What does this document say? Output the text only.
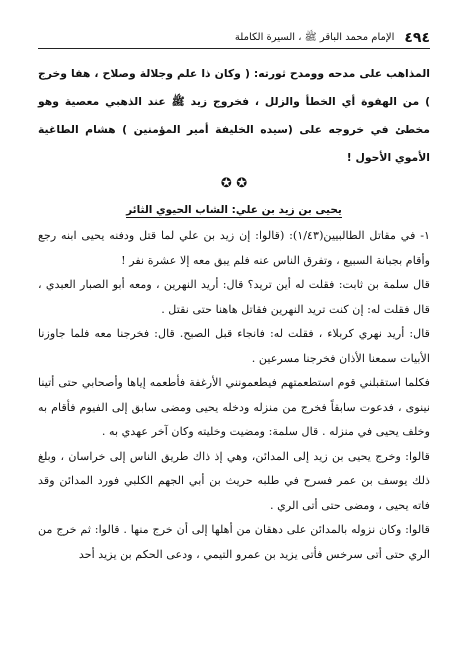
٤٩٤
الإمام محمد الباقر ﷺ ، السيرة الكاملة

المذاهب على مدحه وومدح ثورته: ( وكان ذا علم وجلالة وصلاح ، هفا وخرج ) من الهفوة أي الخطأ والزلل ، فخروج زيد ﷺ عند الذهبي معصية وهو مخطئ في خروجه على (سيده الخليفة أمير المؤمنين ) هشام الطاغية الأموي الأحول !

✪ ✪
يحيى بن زيد بن علي: الشاب الحيوي الثائر

١- في مقاتل الطالبيين(١/٤٣): (قالوا: إن زيد بن علي لما قتل ودفنه يحيى ابنه رجع وأقام بجبانة السبيع ، وتفرق الناس عنه فلم يبق معه إلا عشرة نفر !

قال سلمة بن ثابت: فقلت له أين تريد؟ قال: أريد النهرين ، ومعه أبو الصبار العبدي ، قال فقلت له: إن كنت تريد النهرين فقاتل هاهنا حتى نقتل .

قال: أريد نهري كربلاء ، فقلت له: فانجاء قبل الصبح. قال: فخرجنا معه فلما جاوزنا الأبيات سمعنا الأذان فخرجنا مسرعين .

فكلما استقبلني قوم استطعمتهم فيطعمونني الأرغفة فأطعمه إياها وأصحابي حتى أتينا نينوى ، فدعوت سابقاً فخرج من منزله ودخله يحيى ومضى سابق إلى الفيوم فأقام به وخلف يحيى في منزله . قال سلمة: ومضيت وخليته وكان آخر عهدي به .

قالوا: وخرج يحيى بن زيد إلى المدائن، وهي إذ ذاك طريق الناس إلى خراسان ، وبلغ ذلك يوسف بن عمر فسرح في طلبه حريث بن أبي الجهم الكلبي فورد المدائن وقد فاته يحيى ، ومضى حتى أتى الري .

قالوا: وكان نزوله بالمدائن على دهقان من أهلها إلى أن خرج منها . قالوا: ثم خرج من الري حتى أتى سرخس فأتى يزيد بن عمرو التيمي ، ودعى الحكم بن يزيد أحد
